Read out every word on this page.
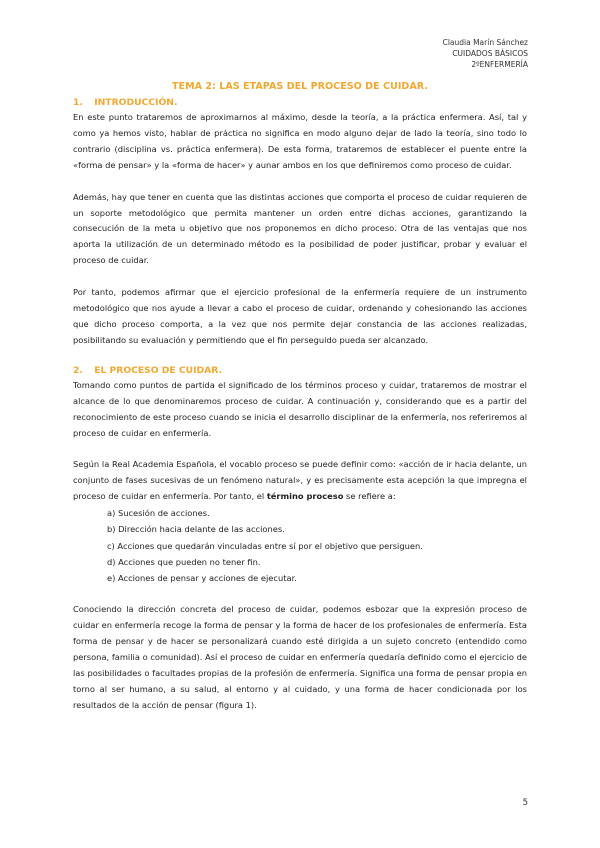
Claudia Marín Sánchez
CUIDADOS BÁSICOS
2ºENFERMERÍA
TEMA 2: LAS ETAPAS DEL PROCESO DE CUIDAR.
1. INTRODUCCIÓN.

En este punto trataremos de aproximarnos al máximo, desde la teoría, a la práctica enfermera. Así, tal y como ya hemos visto, hablar de práctica no significa en modo alguno dejar de lado la teoría, sino todo lo contrario (disciplina vs. práctica enfermera). De esta forma, trataremos de establecer el puente entre la «forma de pensar» y la «forma de hacer» y aunar ambos en los que definiremos como proceso de cuidar.

Además, hay que tener en cuenta que las distintas acciones que comporta el proceso de cuidar requieren de un soporte metodológico que permita mantener un orden entre dichas acciones, garantizando la consecución de la meta u objetivo que nos proponemos en dicho proceso. Otra de las ventajas que nos aporta la utilización de un determinado método es la posibilidad de poder justificar, probar y evaluar el proceso de cuidar.

Por tanto, podemos afirmar que el ejercicio profesional de la enfermería requiere de un instrumento metodológico que nos ayude a llevar a cabo el proceso de cuidar, ordenando y cohesionando las acciones que dicho proceso comporta, a la vez que nos permite dejar constancia de las acciones realizadas, posibilitando su evaluación y permitiendo que el fin perseguido pueda ser alcanzado.

2. EL PROCESO DE CUIDAR.

Tomando como puntos de partida el significado de los términos proceso y cuidar, trataremos de mostrar el alcance de lo que denominaremos proceso de cuidar. A continuación y, considerando que es a partir del reconocimiento de este proceso cuando se inicia el desarrollo disciplinar de la enfermería, nos referiremos al proceso de cuidar en enfermería.

Según la Real Academia Española, el vocablo proceso se puede definir como: «acción de ir hacia delante, un conjunto de fases sucesivas de un fenómeno natural», y es precisamente esta acepción la que impregna el proceso de cuidar en enfermería. Por tanto, el término proceso se refiere a:

a) Sucesión de acciones.
b) Dirección hacia delante de las acciones.
c) Acciones que quedarán vinculadas entre sí por el objetivo que persiguen.
d) Acciones que pueden no tener fin.
e) Acciones de pensar y acciones de ejecutar.

Conociendo la dirección concreta del proceso de cuidar, podemos esbozar que la expresión proceso de cuidar en enfermería recoge la forma de pensar y la forma de hacer de los profesionales de enfermería. Esta forma de pensar y de hacer se personalizará cuando esté dirigida a un sujeto concreto (entendido como persona, familia o comunidad). Así el proceso de cuidar en enfermería quedaría definido como el ejercicio de las posibilidades o facultades propias de la profesión de enfermería. Significa una forma de pensar propia en torno al ser humano, a su salud, al entorno y al cuidado, y una forma de hacer condicionada por los resultados de la acción de pensar (figura 1).

5
